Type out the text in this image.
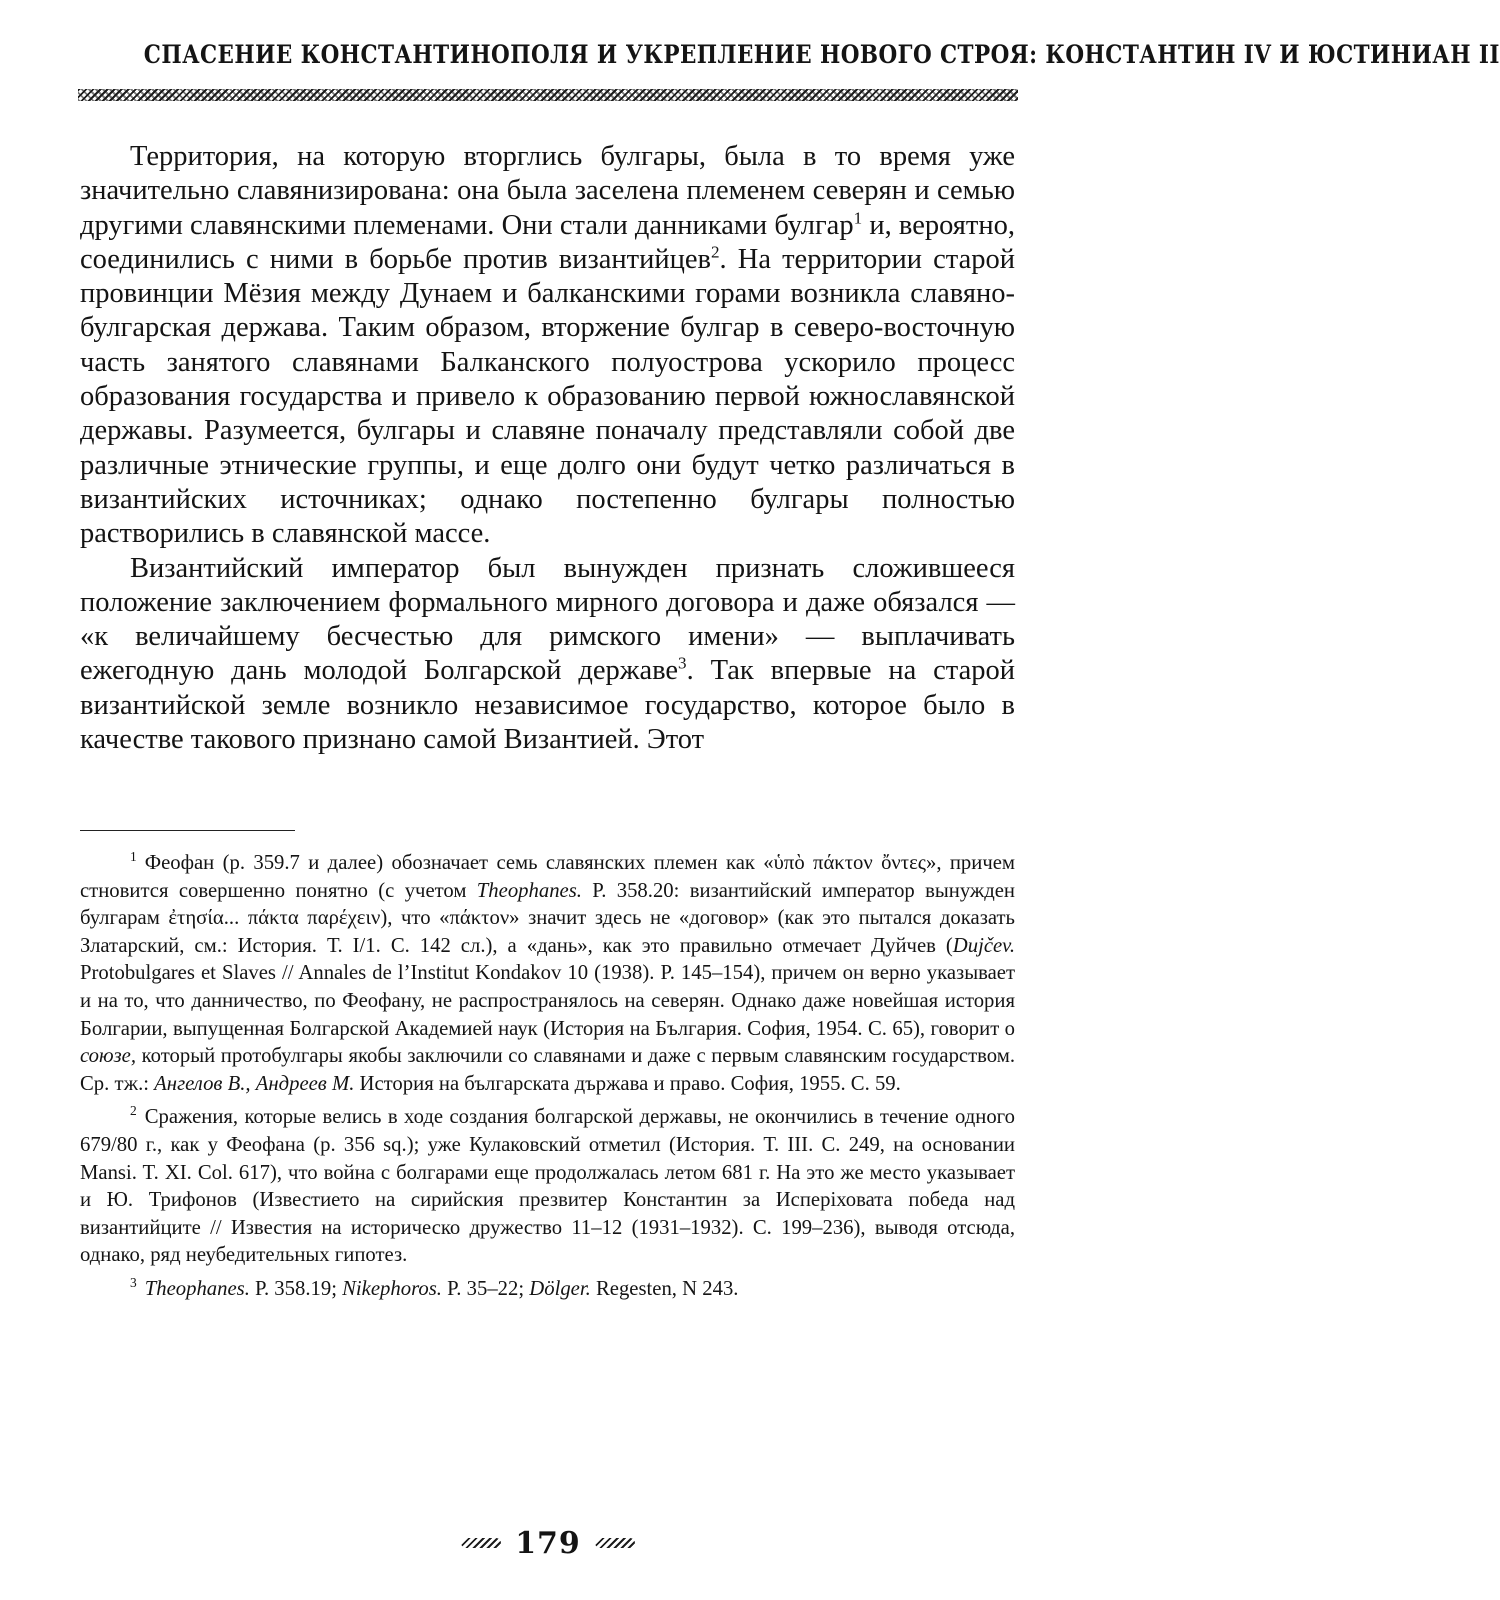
СПАСЕНИЕ КОНСТАНТИНОПОЛЯ И УКРЕПЛЕНИЕ НОВОГО СТРОЯ: КОНСТАНТИН IV И ЮСТИНИАН II

Территория, на которую вторглись булгары, была в то время уже значительно славянизирована: она была заселена племенем северян и семью другими славянскими племенами. Они стали данниками булгар$^1$ и, вероятно, соединились с ними в борьбе против византийцев$^2$. На территории старой провинции Мёзия между Дунаем и балканскими горами возникла славяно-булгарская держава. Таким образом, вторжение булгар в северо-восточную часть занятого славянами Балканского полуострова ускорило процесс образования государства и привело к образованию первой южнославянской державы. Разумеется, булгары и славяне поначалу представляли собой две различные этнические группы, и еще долго они будут четко различаться в византийских источниках; однако постепенно булгары полностью растворились в славянской массе.

Византийский император был вынужден признать сложившееся положение заключением формального мирного договора и даже обязался — «к величайшему бесчестью для римского имени» — выплачивать ежегодную дань молодой Болгарской державе$^3$. Так впервые на старой византийской земле возникло независимое государство, которое было в качестве такового признано самой Византией. Этот

$^1$ Феофан (р. 359.7 и далее) обозначает семь славянских племен как «ὑπὸ πάκτον ὄντες», причем стновится совершенно понятно (с учетом Theophanes. Р. 358.20: византийский император вынужден булгарам ἐτησία... πάκτα παρέχειν), что «πάκτον» значит здесь не «договор» (как это пытался доказать Златарский, см.: История. Т. I/1. С. 142 сл.), а «дань», как это правильно отмечает Дуйчев (Dujčev. Protobulgares et Slaves // Annales de l’Institut Kondakov 10 (1938). P. 145–154), причем он верно указывает и на то, что данничество, по Феофану, не распространялось на северян. Однако даже новейшая история Болгарии, выпущенная Болгарской Академией наук (История на България. София, 1954. С. 65), говорит о союзе, который протобулгары якобы заключили со славянами и даже с первым славянским государством. Ср. тж.: Ангелов В., Андреев М. История на българската държава и право. София, 1955. С. 59.

$^2$ Сражения, которые велись в ходе создания болгарской державы, не окончились в течение одного 679/80 г., как у Феофана (р. 356 sq.); уже Кулаковский отметил (История. Т. III. С. 249, на основании Mansi. T. XI. Col. 617), что война с болгарами еще продолжалась летом 681 г. На это же место указывает и Ю. Трифонов (Известието на сирийския презвитер Константин за Исперiховата победа над византийците // Известия на историческо дружество 11–12 (1931–1932). С. 199–236), выводя отсюда, однако, ряд неубедительных гипотез.

$^3$ Theophanes. Р. 358.19; Nikephoros. P. 35–22; Dölger. Regesten, N 243.

179
